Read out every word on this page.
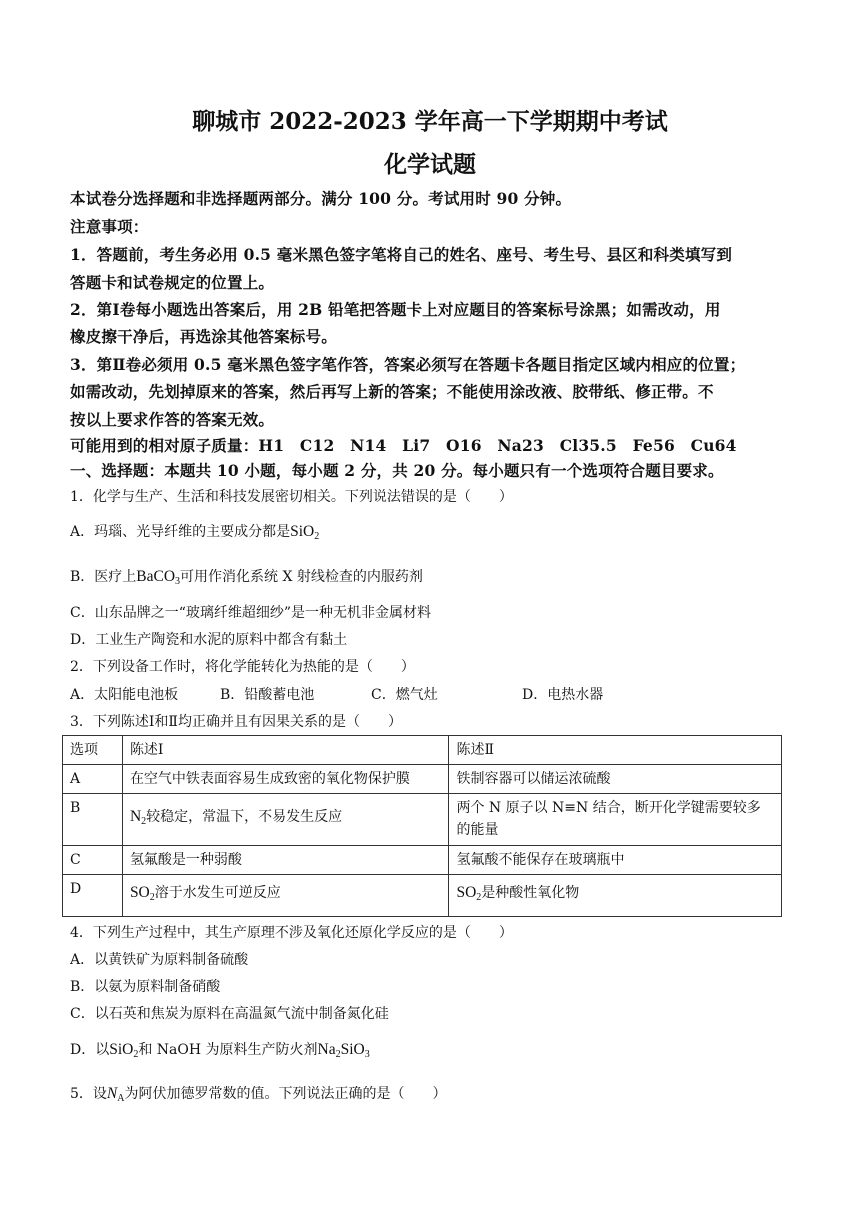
聊城市 2022-2023 学年高一下学期期中考试
化学试题
本试卷分选择题和非选择题两部分。满分 100 分。考试用时 90 分钟。
注意事项：
1．答题前，考生务必用 0.5 毫米黑色签字笔将自己的姓名、座号、考生号、县区和科类填写到
答题卡和试卷规定的位置上。
2．第Ⅰ卷每小题选出答案后，用 2B 铅笔把答题卡上对应题目的答案标号涂黑；如需改动，用
橡皮擦干净后，再选涂其他答案标号。
3．第Ⅱ卷必须用 0.5 毫米黑色签字笔作答，答案必须写在答题卡各题目指定区域内相应的位置；
如需改动，先划掉原来的答案，然后再写上新的答案；不能使用涂改液、胶带纸、修正带。不
按以上要求作答的答案无效。
可能用到的相对原子质量：H1　C12　N14　Li7　O16　Na23　Cl35.5　Fe56　Cu64
一、选择题：本题共 10 小题，每小题 2 分，共 20 分。每小题只有一个选项符合题目要求。
1．化学与生产、生活和科技发展密切相关。下列说法错误的是（　　）
A．玛瑙、光导纤维的主要成分都是SiO$_2$
B．医疗上BaCO$_3$可用作消化系统 X 射线检查的内服药剂
C．山东品牌之一“玻璃纤维超细纱”是一种无机非金属材料
D．工业生产陶瓷和水泥的原料中都含有黏土
2．下列设备工作时，将化学能转化为热能的是（　　）
A．太阳能电池板	B．铅酸蓄电池	C．燃气灶	D．电热水器
3．下列陈述Ⅰ和Ⅱ均正确并且有因果关系的是（　　）
选项	陈述Ⅰ	陈述Ⅱ
A	在空气中铁表面容易生成致密的氧化物保护膜	铁制容器可以储运浓硫酸
B	$N_2$较稳定，常温下，不易发生反应	两个 N 原子以 N≡N 结合，断开化学键需要较多的能量
C	氢氟酸是一种弱酸	氢氟酸不能保存在玻璃瓶中
D	$SO_2$溶于水发生可逆反应	$SO_2$是种酸性氧化物
4．下列生产过程中，其生产原理不涉及氧化还原化学反应的是（　　）
A．以黄铁矿为原料制备硫酸
B．以氨为原料制备硝酸
C．以石英和焦炭为原料在高温氮气流中制备氮化硅
D．以SiO$_2$和 NaOH 为原料生产防火剂$Na_2SiO_3$
5．设$N_A$为阿伏加德罗常数的值。下列说法正确的是（　　）
